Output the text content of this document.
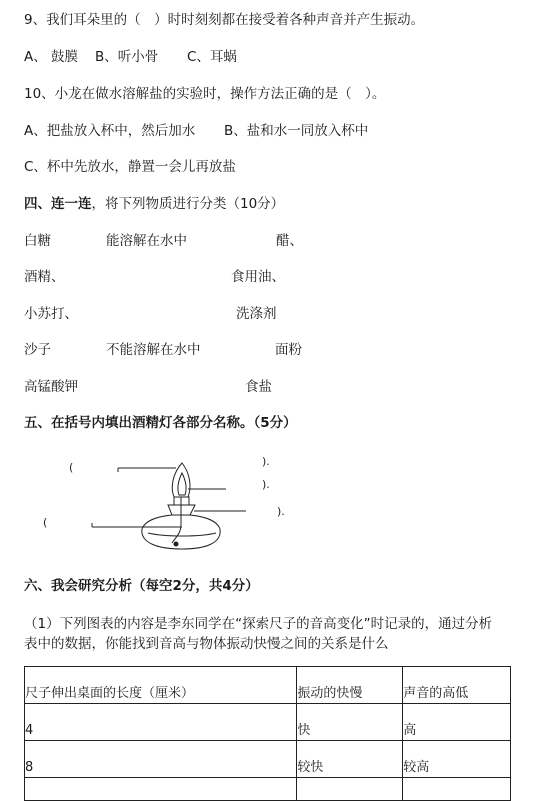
9、我们耳朵里的（　）时时刻刻都在接受着各种声音并产生振动。
A、 鼓膜 B、听小骨 C、耳蜗
10、小龙在做水溶解盐的实验时，操作方法正确的是（　）。
A、把盐放入杯中，然后加水 B、盐和水一同放入杯中
C、杯中先放水，静置一会儿再放盐
四、连一连，将下列物质进行分类（10分）
白糖	能溶解在水中	醋、
酒精、	食用油、
小苏打、	洗涤剂
沙子	不能溶解在水中	面粉
高锰酸钾	食盐
五、在括号内填出酒精灯各部分名称。（5分）
(	).
).
).
(
六、我会研究分析（每空2分，共4分）
（1）下列图表的内容是李东同学在“探索尺子的音高变化”时记录的，通过分析
表中的数据，你能找到音高与物体振动快慢之间的关系是什么
尺子伸出桌面的长度（厘米）	振动的快慢	声音的高低
4	快	高
8	较快	较高
